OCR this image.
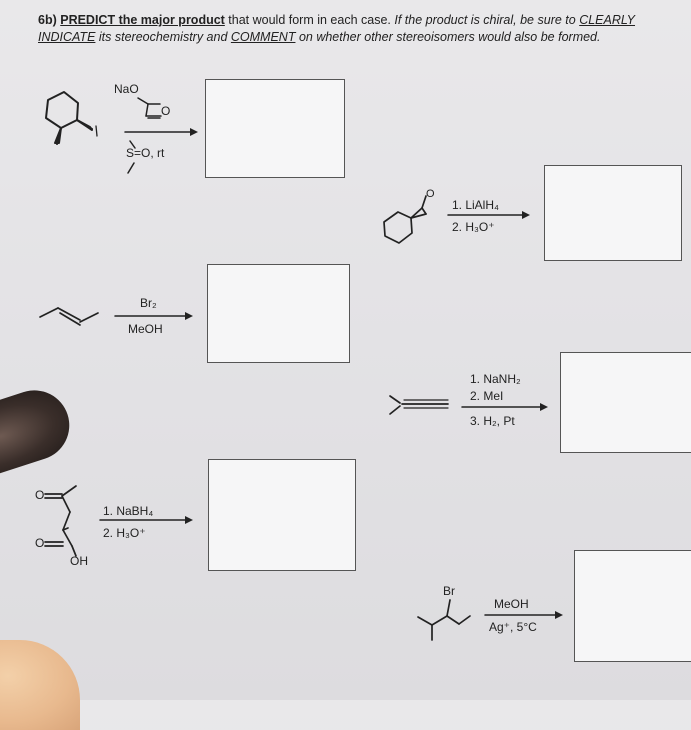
6b) PREDICT the major product that would form in each case. If the product is chiral, be sure to CLEARLY
INDICATE its stereochemistry and COMMENT on whether other stereoisomers would also be formed.
NaO
O
S=O, rt
O
1. LiAlH₄
2. H₃O⁺
Br₂
MeOH
1. NaNH₂
2. MeI
3. H₂, Pt
O
O
OH
1. NaBH₄
2. H₃O⁺
Br
MeOH
Ag⁺, 5°C
